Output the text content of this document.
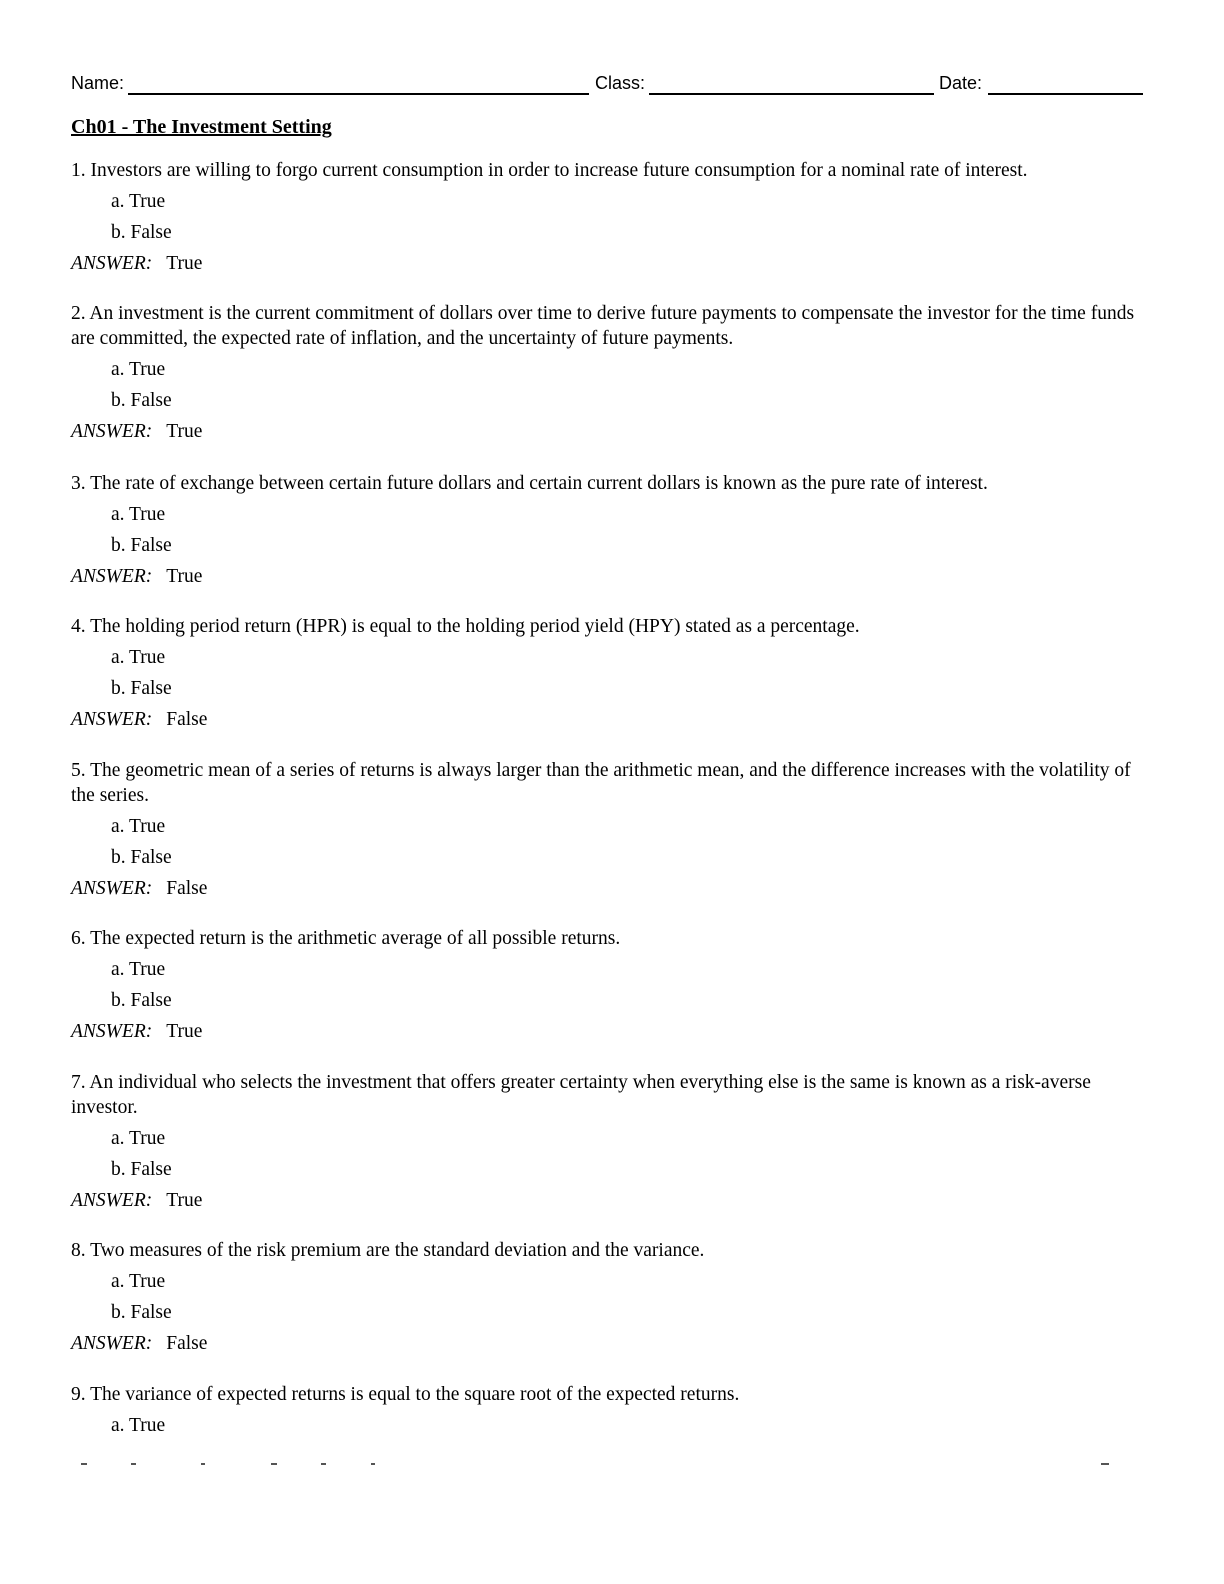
Name:	Class:	Date:
Ch01 - The Investment Setting

1. Investors are willing to forgo current consumption in order to increase future consumption for a nominal rate of interest.

a. True

b. False

ANSWER: True

2. An investment is the current commitment of dollars over time to derive future payments to compensate the investor for the time funds are committed, the expected rate of inflation, and the uncertainty of future payments.

a. True

b. False

ANSWER: True

3. The rate of exchange between certain future dollars and certain current dollars is known as the pure rate of interest.

a. True

b. False

ANSWER: True

4. The holding period return (HPR) is equal to the holding period yield (HPY) stated as a percentage.

a. True

b. False

ANSWER: False

5. The geometric mean of a series of returns is always larger than the arithmetic mean, and the difference increases with the volatility of the series.

a. True

b. False

ANSWER: False

6. The expected return is the arithmetic average of all possible returns.

a. True

b. False

ANSWER: True

7. An individual who selects the investment that offers greater certainty when everything else is the same is known as a risk-averse investor.

a. True

b. False

ANSWER: True

8. Two measures of the risk premium are the standard deviation and the variance.

a. True

b. False

ANSWER: False

9. The variance of expected returns is equal to the square root of the expected returns.

a. True
